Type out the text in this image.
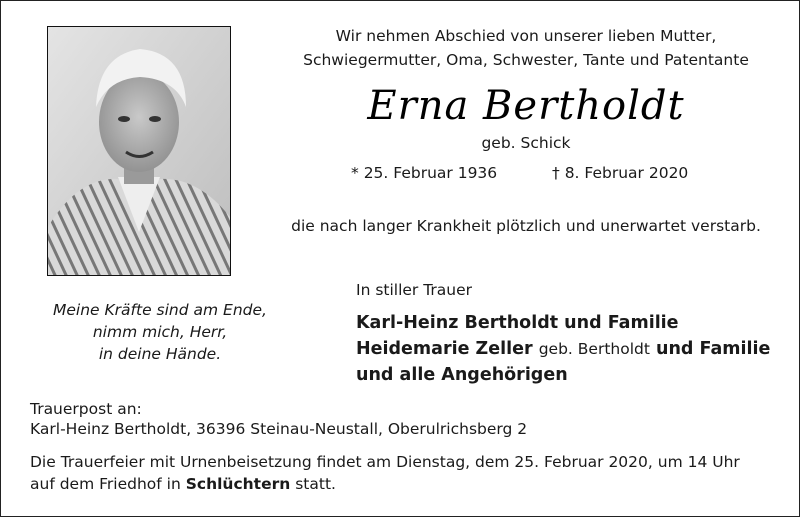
Meine Kräfte sind am Ende,
nimm mich, Herr,
in deine Hände.
Wir nehmen Abschied von unserer lieben Mutter,
Schwiegermutter, Oma, Schwester, Tante und Patentante
Erna Bertholdt
geb. Schick
* 25. Februar 1936	† 8. Februar 2020
die nach langer Krankheit plötzlich und unerwartet verstarb.
In stiller Trauer
Karl-Heinz Bertholdt und Familie
Heidemarie Zeller geb. Bertholdt und Familie
und alle Angehörigen
Trauerpost an:
Karl-Heinz Bertholdt, 36396 Steinau-Neustall, Oberulrichsberg 2
Die Trauerfeier mit Urnenbeisetzung findet am Dienstag, dem 25. Februar 2020, um 14 Uhr
auf dem Friedhof in Schlüchtern statt.
